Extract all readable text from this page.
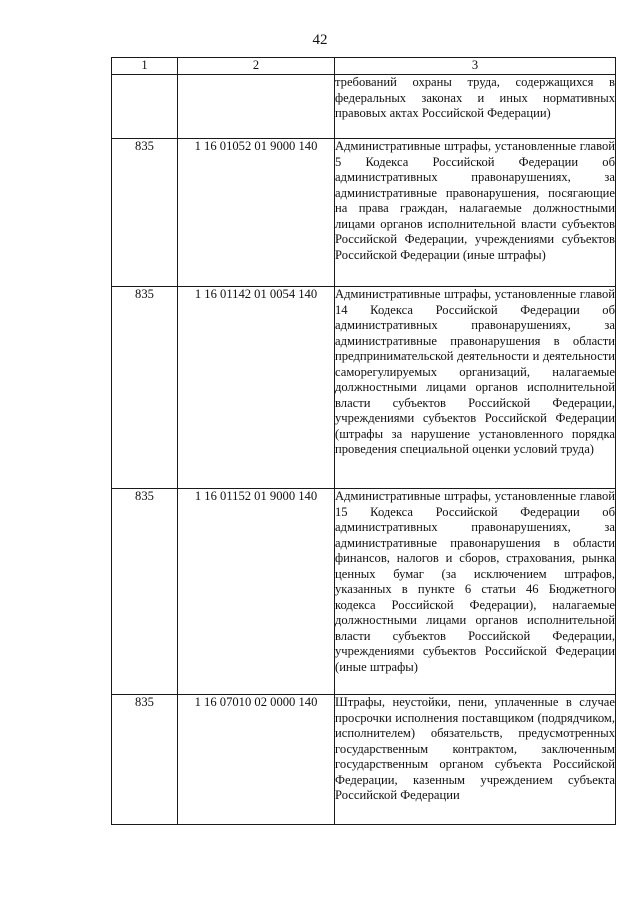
42
1	2	3

		требований охраны труда, содержащихся в федеральных законах и иных нормативных правовых актах Российской Федерации)

835	1 16 01052 01 9000 140	Административные штрафы, установленные главой 5 Кодекса Российской Федерации об административных правонарушениях, за административные правонарушения, посягающие на права граждан, налагаемые должностными лицами органов исполнительной власти субъектов Российской Федерации, учреждениями субъектов Российской Федерации (иные штрафы)

835	1 16 01142 01 0054 140	Административные штрафы, установленные главой 14 Кодекса Российской Федерации об административных правонарушениях, за административные правонарушения в области предпринимательской деятельности и деятельности саморегулируемых организаций, налагаемые должностными лицами органов исполнительной власти субъектов Российской Федерации, учреждениями субъектов Российской Федерации (штрафы за нарушение установленного порядка проведения специальной оценки условий труда)

835	1 16 01152 01 9000 140	Административные штрафы, установленные главой 15 Кодекса Российской Федерации об административных правонарушениях, за административные правонарушения в области финансов, налогов и сборов, страхования, рынка ценных бумаг (за исключением штрафов, указанных в пункте 6 статьи 46 Бюджетного кодекса Российской Федерации), налагаемые должностными лицами органов исполнительной власти субъектов Российской Федерации, учреждениями субъектов Российской Федерации (иные штрафы)

835	1 16 07010 02 0000 140	Штрафы, неустойки, пени, уплаченные в случае просрочки исполнения поставщиком (подрядчиком, исполнителем) обязательств, предусмотренных государственным контрактом, заключенным государственным органом субъекта Российской Федерации, казенным учреждением субъекта Российской Федерации
